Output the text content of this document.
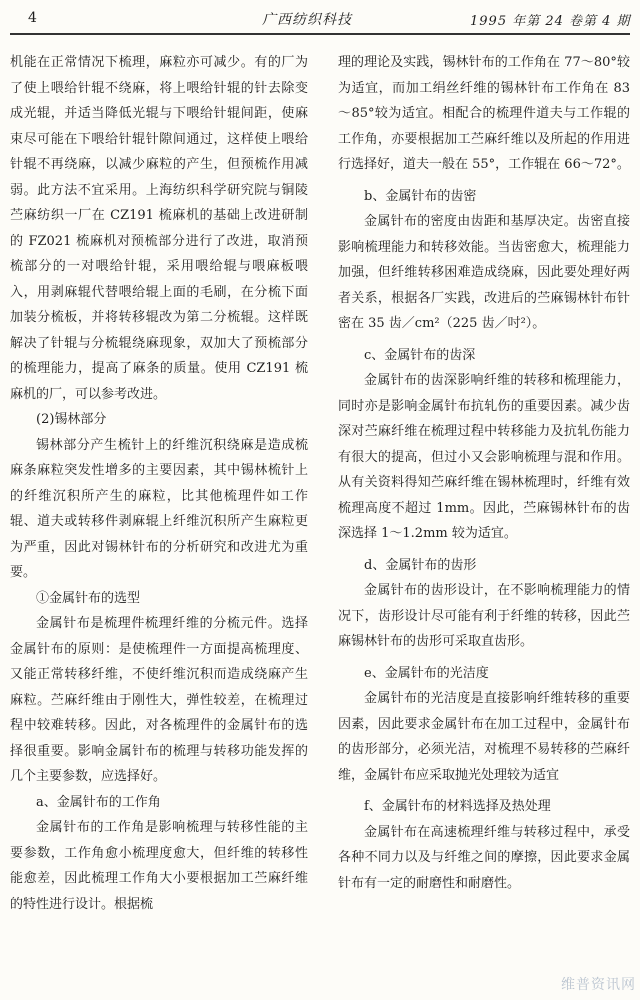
4	广西纺织科技	1995 年第 24 卷第 4 期

机能在正常情况下梳理，麻粒亦可减少。有的厂为了使上喂给针辊不绕麻，将上喂给针辊的针去除变成光辊，并适当降低光辊与下喂给针辊间距，使麻束尽可能在下喂给针辊针隙间通过，这样使上喂给针辊不再绕麻，以减少麻粒的产生，但预梳作用减弱。此方法不宜采用。上海纺织科学研究院与铜陵苎麻纺织一厂在 CZ191 梳麻机的基础上改进研制的 FZ021 梳麻机对预梳部分进行了改进，取消预梳部分的一对喂给针辊，采用喂给辊与喂麻板喂入，用剥麻辊代替喂给辊上面的毛刷，在分梳下面加装分梳板，并将转移辊改为第二分梳辊。这样既解决了针辊与分梳辊绕麻现象，双加大了预梳部分的梳理能力，提高了麻条的质量。使用 CZ191 梳麻机的厂，可以参考改进。

(2)锡林部分

锡林部分产生梳针上的纤维沉积绕麻是造成梳麻条麻粒突发性增多的主要因素，其中锡林梳针上的纤维沉积所产生的麻粒，比其他梳理件如工作辊、道夫或转移件剥麻辊上纤维沉积所产生麻粒更为严重，因此对锡林针布的分析研究和改进尤为重要。

①金属针布的选型

金属针布是梳理件梳理纤维的分梳元件。选择金属针布的原则：是使梳理件一方面提高梳理度、又能正常转移纤维，不使纤维沉积而造成绕麻产生麻粒。苎麻纤维由于刚性大，弹性较差，在梳理过程中较难转移。因此，对各梳理件的金属针布的选择很重要。影响金属针布的梳理与转移功能发挥的几个主要参数，应选择好。

a、金属针布的工作角

金属针布的工作角是影响梳理与转移性能的主要参数，工作角愈小梳理度愈大，但纤维的转移性能愈差，因此梳理工作角大小要根据加工苎麻纤维的特性进行设计。根据梳

理的理论及实践，锡林针布的工作角在 77～80°较为适宜，而加工绢丝纤维的锡林针布工作角在 83～85°较为适宜。相配合的梳理件道夫与工作辊的工作角，亦要根据加工苎麻纤维以及所起的作用进行选择好，道夫一般在 55°，工作辊在 66～72°。

b、金属针布的齿密

金属针布的密度由齿距和基厚决定。齿密直接影响梳理能力和转移效能。当齿密愈大，梳理能力加强，但纤维转移困难造成绕麻，因此要处理好两者关系，根据各厂实践，改进后的苎麻锡林针布针密在 35 齿／cm²（225 齿／吋²）。

c、金属针布的齿深

金属针布的齿深影响纤维的转移和梳理能力，同时亦是影响金属针布抗轧伤的重要因素。减少齿深对苎麻纤维在梳理过程中转移能力及抗轧伤能力有很大的提高，但过小又会影响梳理与混和作用。从有关资料得知苎麻纤维在锡林梳理时，纤维有效梳理高度不超过 1mm。因此，苎麻锡林针布的齿深选择 1～1.2mm 较为适宜。

d、金属针布的齿形

金属针布的齿形设计，在不影响梳理能力的情况下，齿形设计尽可能有利于纤维的转移，因此苎麻锡林针布的齿形可采取直齿形。

e、金属针布的光洁度

金属针布的光洁度是直接影响纤维转移的重要因素，因此要求金属针布在加工过程中，金属针布的齿形部分，必须光洁，对梳理不易转移的苎麻纤维，金属针布应采取抛光处理较为适宜

f、金属针布的材料选择及热处理

金属针布在高速梳理纤维与转移过程中，承受各种不同力以及与纤维之间的摩擦，因此要求金属针布有一定的耐磨性和耐磨性。

维普资讯网
